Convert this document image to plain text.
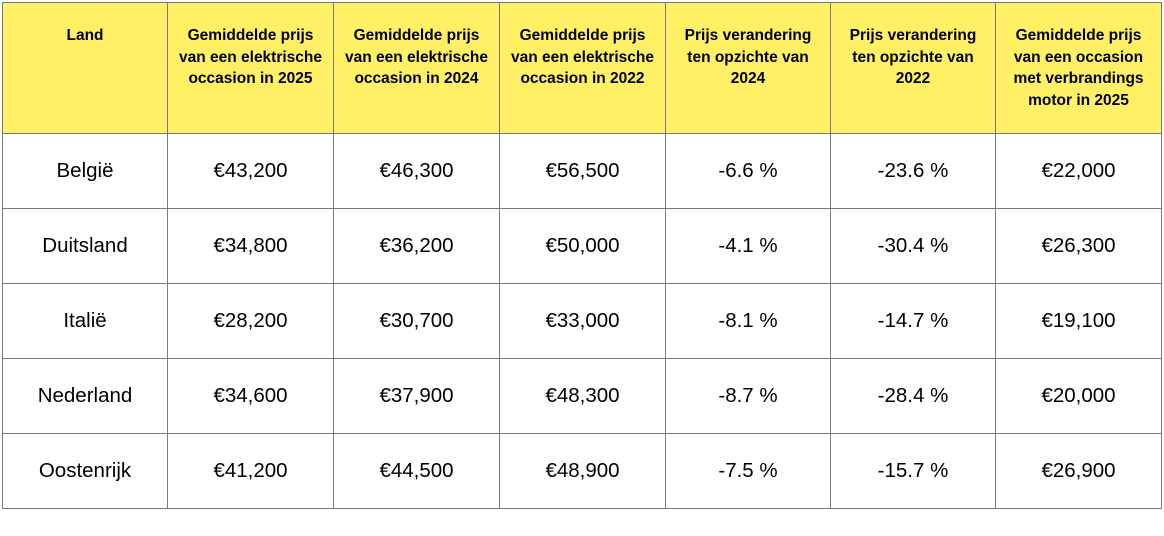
Land	Gemiddelde prijs van een elektrische occasion in 2025	Gemiddelde prijs van een elektrische occasion in 2024	Gemiddelde prijs van een elektrische occasion in 2022	Prijs verandering ten opzichte van 2024	Prijs verandering ten opzichte van 2022	Gemiddelde prijs van een occasion met verbrandings motor in 2025
België	€43,200	€46,300	€56,500	-6.6 %	-23.6 %	€22,000
Duitsland	€34,800	€36,200	€50,000	-4.1 %	-30.4 %	€26,300
Italië	€28,200	€30,700	€33,000	-8.1 %	-14.7 %	€19,100
Nederland	€34,600	€37,900	€48,300	-8.7 %	-28.4 %	€20,000
Oostenrijk	€41,200	€44,500	€48,900	-7.5 %	-15.7 %	€26,900
